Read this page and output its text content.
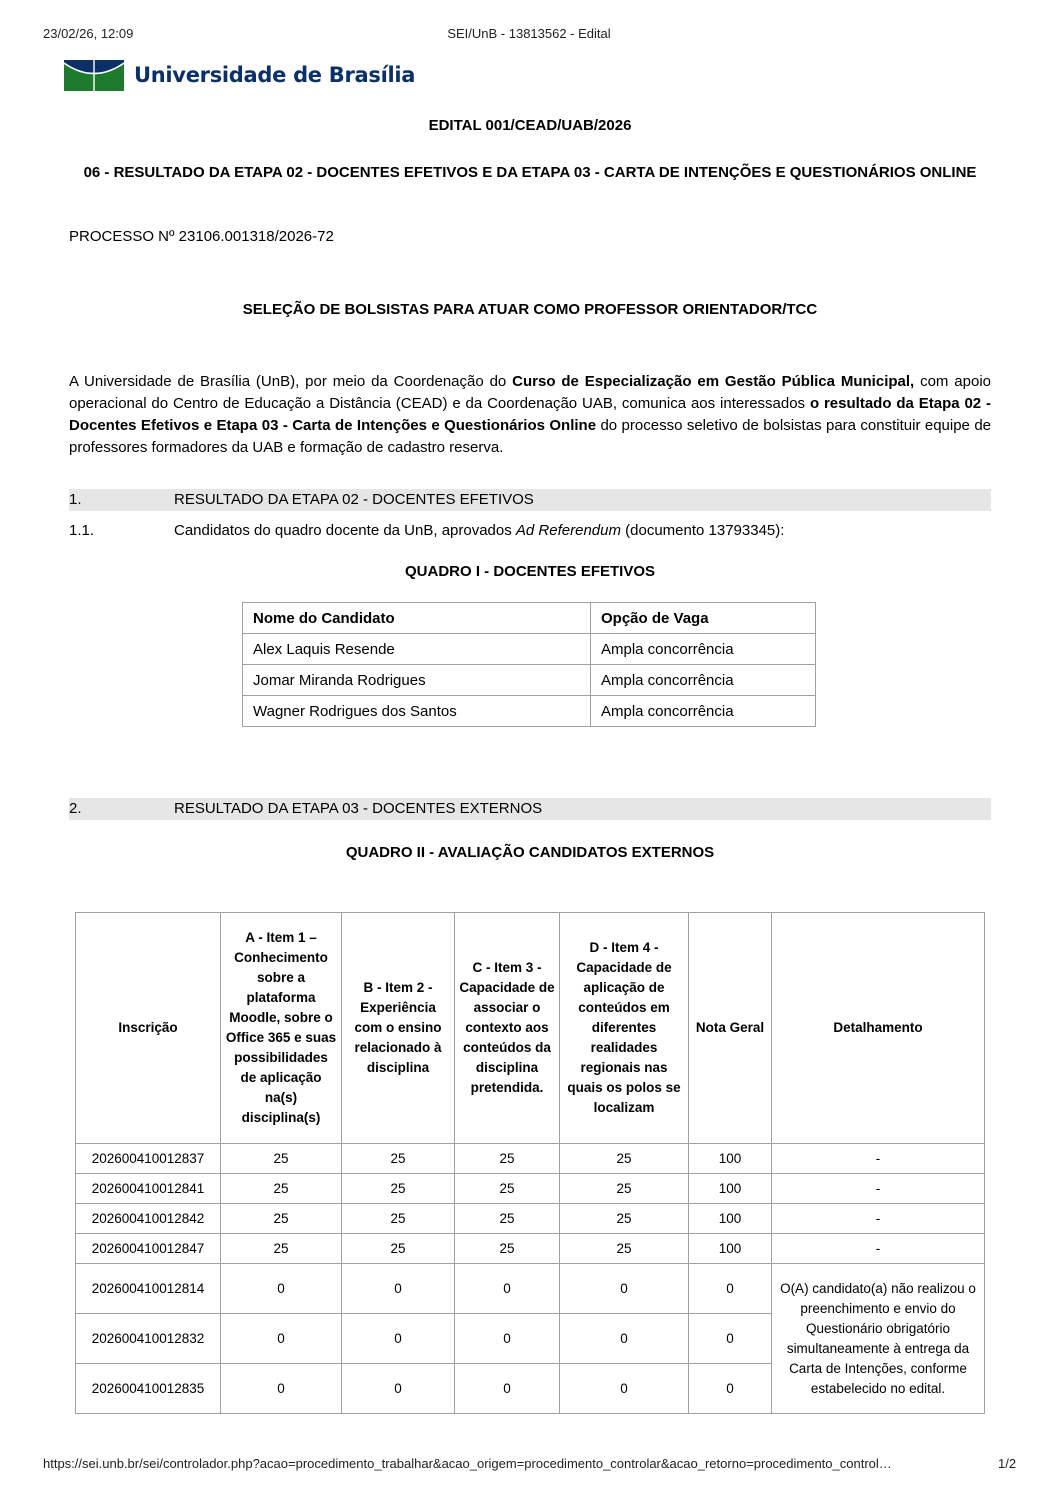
23/02/26, 12:09	SEI/UnB - 13813562 - Edital
Universidade de Brasília
EDITAL 001/CEAD/UAB/2026
06 - RESULTADO DA ETAPA 02 - DOCENTES EFETIVOS E DA ETAPA 03 - CARTA DE INTENÇÕES E QUESTIONÁRIOS ONLINE
PROCESSO Nº 23106.001318/2026-72
SELEÇÃO DE BOLSISTAS PARA ATUAR COMO PROFESSOR ORIENTADOR/TCC
A Universidade de Brasília (UnB), por meio da Coordenação do Curso de Especialização em Gestão Pública Municipal, com apoio operacional do Centro de Educação a Distância (CEAD) e da Coordenação UAB, comunica aos interessados o resultado da Etapa 02 - Docentes Efetivos e Etapa 03 - Carta de Intenções e Questionários Online do processo seletivo de bolsistas para constituir equipe de professores formadores da UAB e formação de cadastro reserva.
1.	RESULTADO DA ETAPA 02 - DOCENTES EFETIVOS
1.1.	Candidatos do quadro docente da UnB, aprovados Ad Referendum (documento 13793345):
QUADRO I - DOCENTES EFETIVOS
Nome do Candidato	Opção de Vaga
Alex Laquis Resende	Ampla concorrência
Jomar Miranda Rodrigues	Ampla concorrência
Wagner Rodrigues dos Santos	Ampla concorrência
2.	RESULTADO DA ETAPA 03 - DOCENTES EXTERNOS
QUADRO II - AVALIAÇÃO CANDIDATOS EXTERNOS
Inscrição	A - Item 1 – Conhecimento sobre a plataforma Moodle, sobre o Office 365 e suas possibilidades de aplicação na(s) disciplina(s)	B - Item 2 - Experiência com o ensino relacionado à disciplina	C - Item 3 - Capacidade de associar o contexto aos conteúdos da disciplina pretendida.	D - Item 4 - Capacidade de aplicação de conteúdos em diferentes realidades regionais nas quais os polos se localizam	Nota Geral	Detalhamento
202600410012837	25	25	25	25	100	-
202600410012841	25	25	25	25	100	-
202600410012842	25	25	25	25	100	-
202600410012847	25	25	25	25	100	-
202600410012814	0	0	0	0	0	O(A) candidato(a) não realizou o preenchimento e envio do Questionário obrigatório simultaneamente à entrega da Carta de Intenções, conforme estabelecido no edital.
202600410012832	0	0	0	0	0	
202600410012835	0	0	0	0	0	
https://sei.unb.br/sei/controlador.php?acao=procedimento_trabalhar&acao_origem=procedimento_controlar&acao_retorno=procedimento_control…	1/2
